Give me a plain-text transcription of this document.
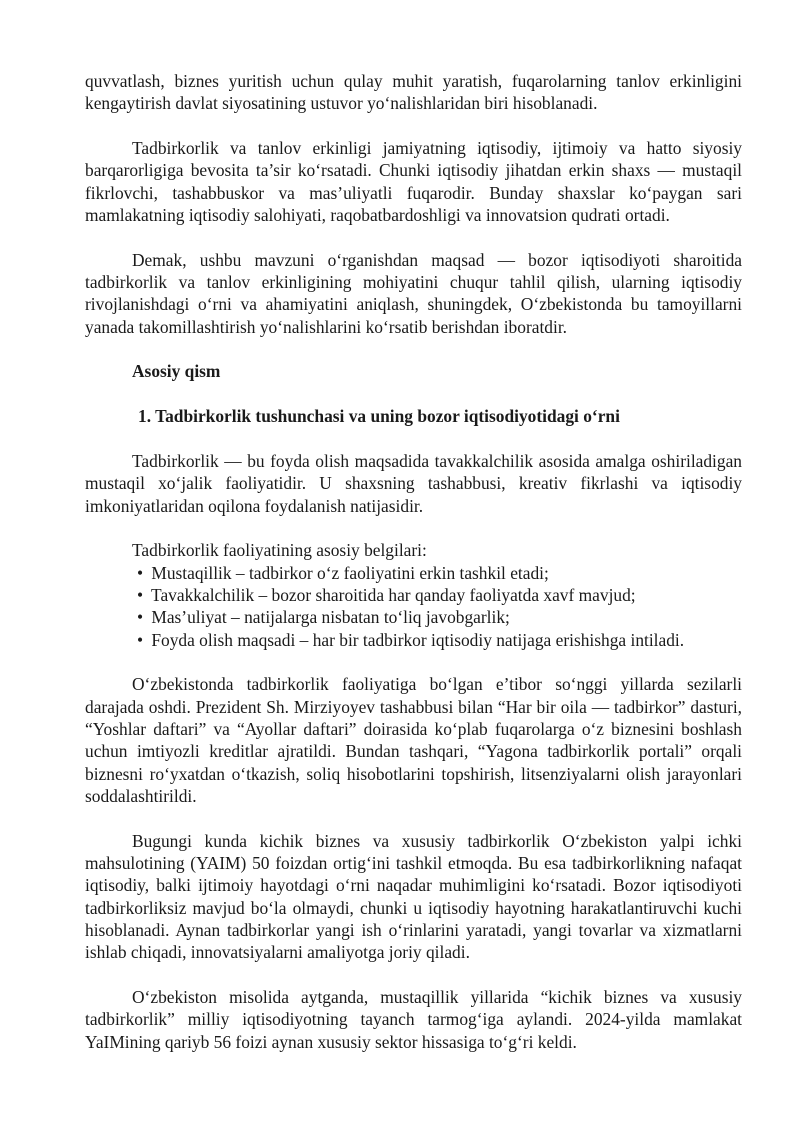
quvvatlash, biznes yuritish uchun qulay muhit yaratish, fuqarolarning tanlov erkinligini kengaytirish davlat siyosatining ustuvor yo‘nalishlaridan biri hisoblanadi.

Tadbirkorlik va tanlov erkinligi jamiyatning iqtisodiy, ijtimoiy va hatto siyosiy barqarorligiga bevosita ta’sir ko‘rsatadi. Chunki iqtisodiy jihatdan erkin shaxs — mustaqil fikrlovchi, tashabbuskor va mas’uliyatli fuqarodir. Bunday shaxslar ko‘paygan sari mamlakatning iqtisodiy salohiyati, raqobatbardoshligi va innovatsion qudrati ortadi.

Demak, ushbu mavzuni o‘rganishdan maqsad — bozor iqtisodiyoti sharoitida tadbirkorlik va tanlov erkinligining mohiyatini chuqur tahlil qilish, ularning iqtisodiy rivojlanishdagi o‘rni va ahamiyatini aniqlash, shuningdek, O‘zbekistonda bu tamoyillarni yanada takomillashtirish yo‘nalishlarini ko‘rsatib berishdan iboratdir.

Asosiy qism
1. Tadbirkorlik tushunchasi va uning bozor iqtisodiyotidagi o‘rni

Tadbirkorlik — bu foyda olish maqsadida tavakkalchilik asosida amalga oshiriladigan mustaqil xo‘jalik faoliyatidir. U shaxsning tashabbusi, kreativ fikrlashi va iqtisodiy imkoniyatlaridan oqilona foydalanish natijasidir.

Tadbirkorlik faoliyatining asosiy belgilari:
• Mustaqillik – tadbirkor o‘z faoliyatini erkin tashkil etadi;
• Tavakkalchilik – bozor sharoitida har qanday faoliyatda xavf mavjud;
• Mas’uliyat – natijalarga nisbatan to‘liq javobgarlik;
• Foyda olish maqsadi – har bir tadbirkor iqtisodiy natijaga erishishga intiladi.

O‘zbekistonda tadbirkorlik faoliyatiga bo‘lgan e’tibor so‘nggi yillarda sezilarli darajada oshdi. Prezident Sh. Mirziyoyev tashabbusi bilan “Har bir oila — tadbirkor” dasturi, “Yoshlar daftari” va “Ayollar daftari” doirasida ko‘plab fuqarolarga o‘z biznesini boshlash uchun imtiyozli kreditlar ajratildi. Bundan tashqari, “Yagona tadbirkorlik portali” orqali biznesni ro‘yxatdan o‘tkazish, soliq hisobotlarini topshirish, litsenziyalarni olish jarayonlari soddalashtirildi.

Bugungi kunda kichik biznes va xususiy tadbirkorlik O‘zbekiston yalpi ichki mahsulotining (YAIM) 50 foizdan ortig‘ini tashkil etmoqda. Bu esa tadbirkorlikning nafaqat iqtisodiy, balki ijtimoiy hayotdagi o‘rni naqadar muhimligini ko‘rsatadi. Bozor iqtisodiyoti tadbirkorliksiz mavjud bo‘la olmaydi, chunki u iqtisodiy hayotning harakatlantiruvchi kuchi hisoblanadi. Aynan tadbirkorlar yangi ish o‘rinlarini yaratadi, yangi tovarlar va xizmatlarni ishlab chiqadi, innovatsiyalarni amaliyotga joriy qiladi.

O‘zbekiston misolida aytganda, mustaqillik yillarida “kichik biznes va xususiy tadbirkorlik” milliy iqtisodiyotning tayanch tarmog‘iga aylandi. 2024-yilda mamlakat YaIMining qariyb 56 foizi aynan xususiy sektor hissasiga to‘g‘ri keldi.
